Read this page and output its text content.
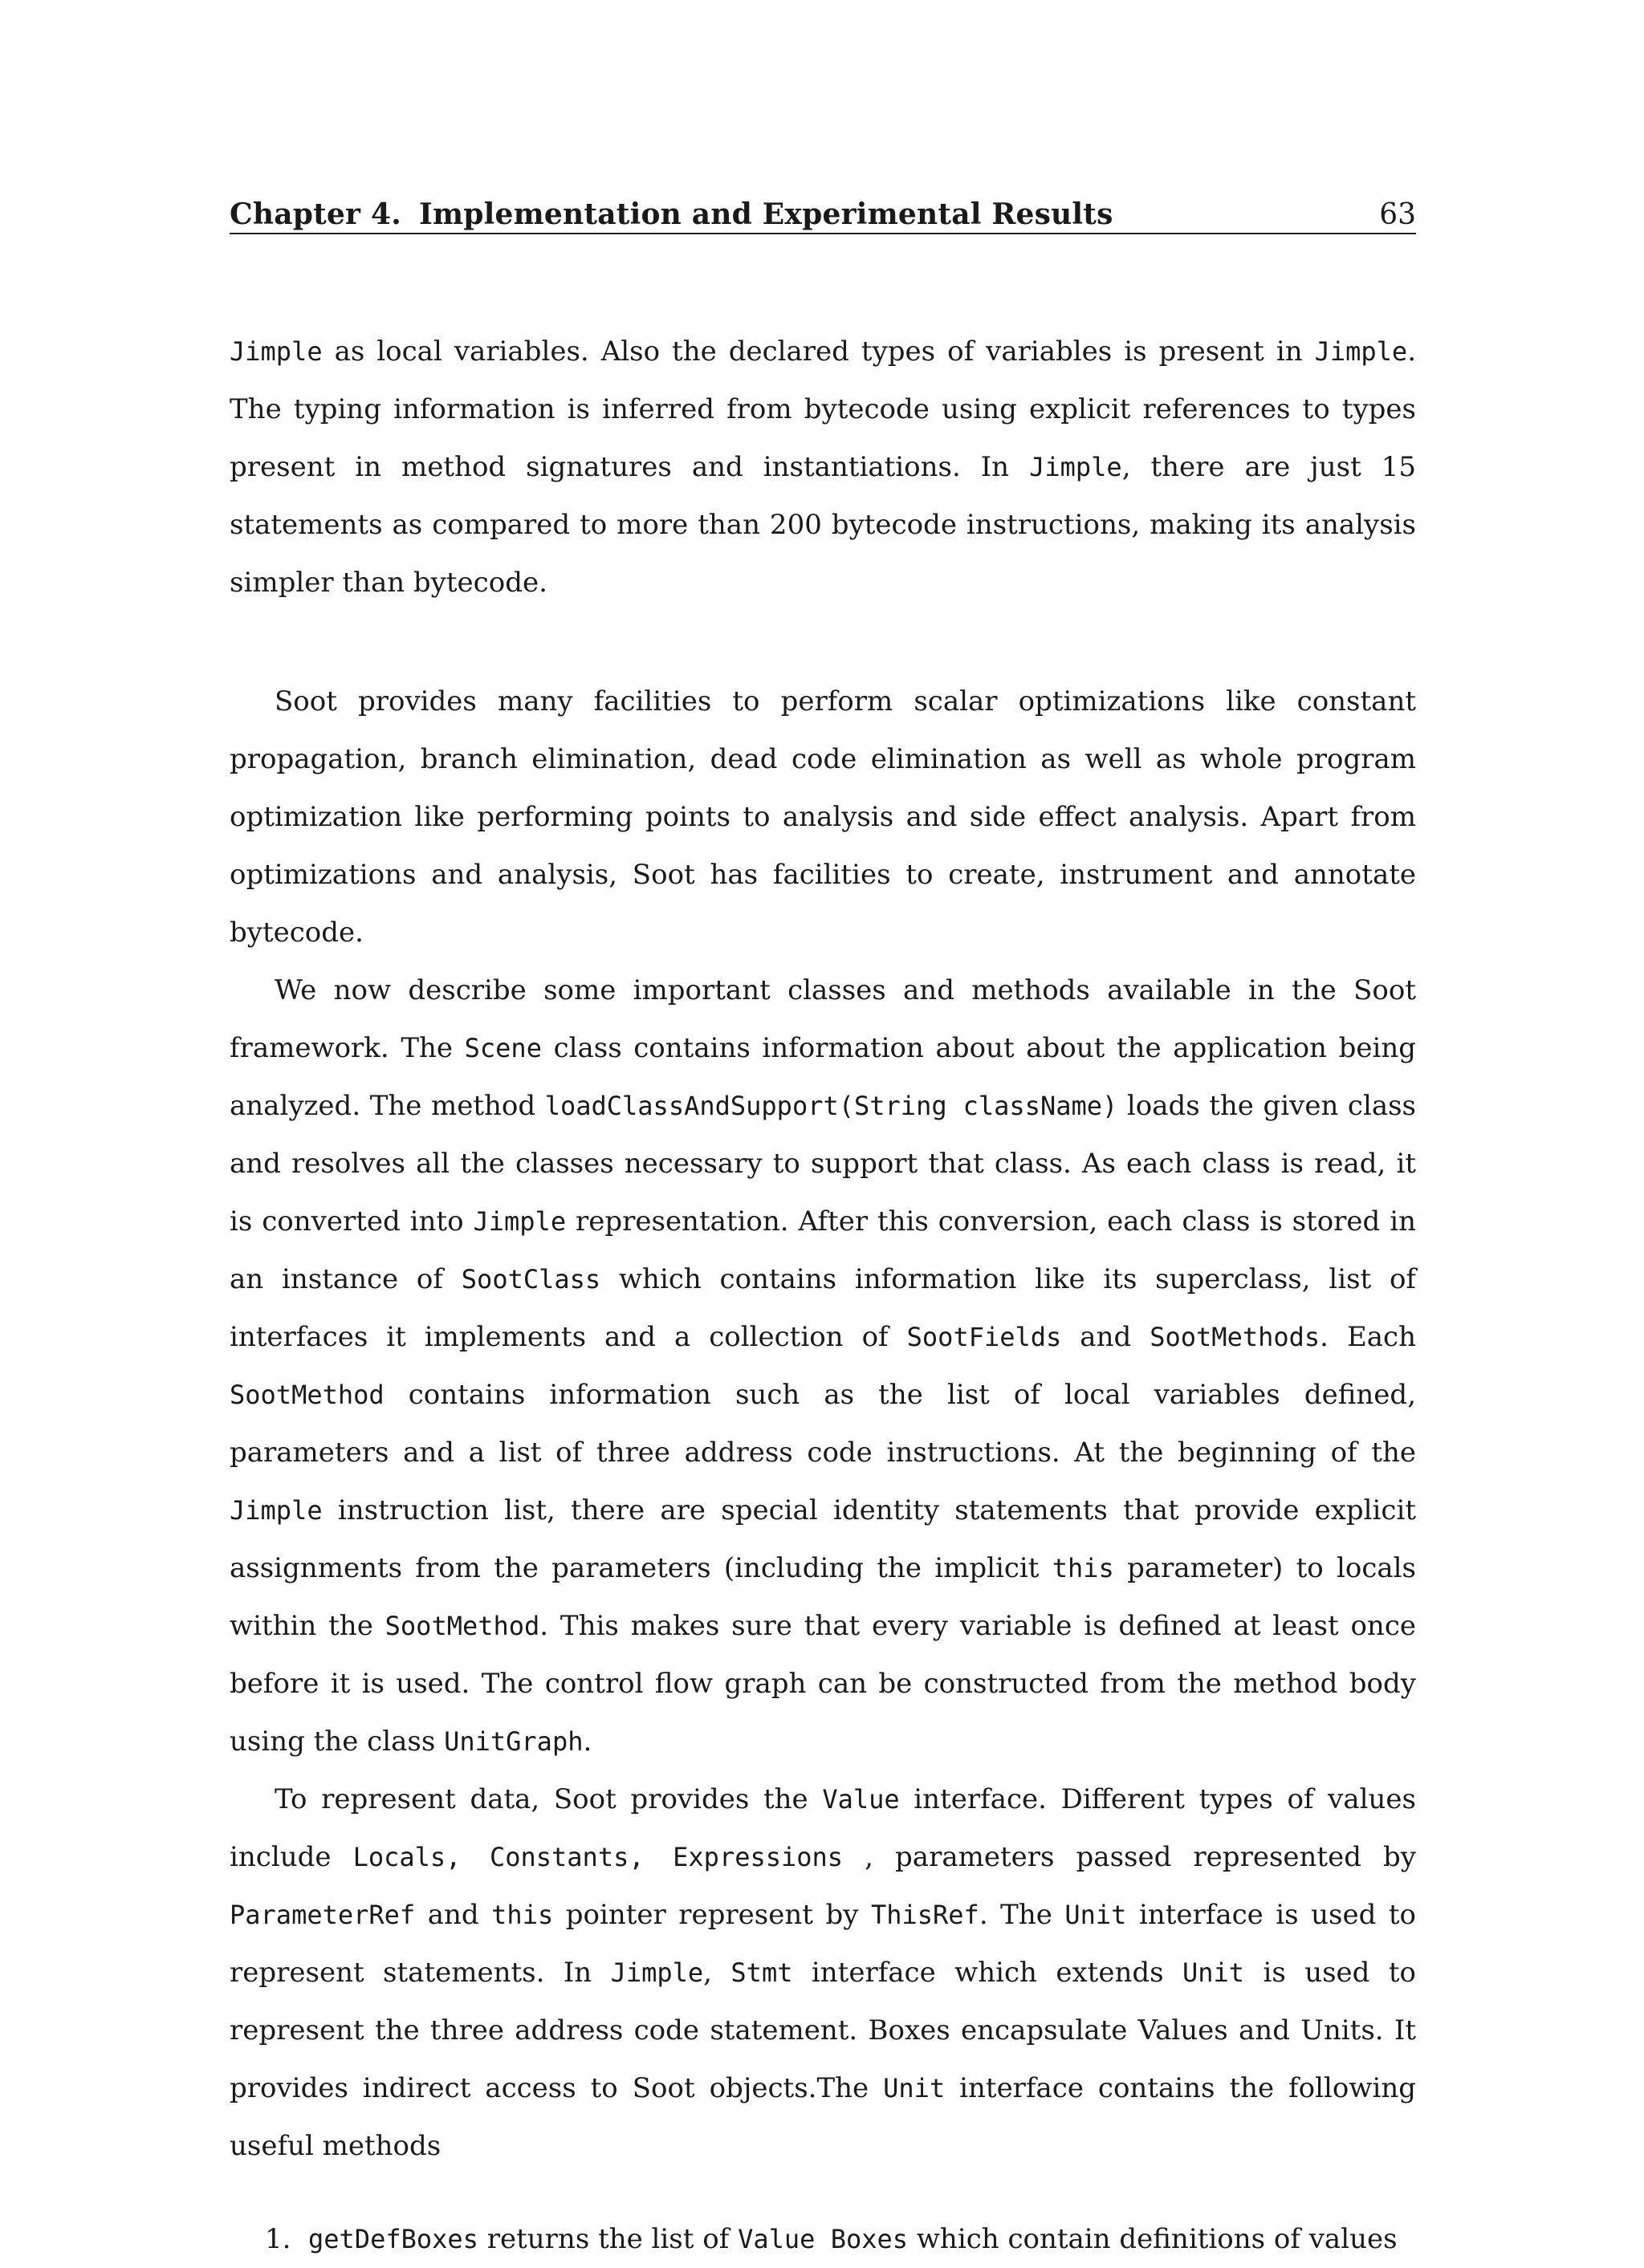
Chapter 4. Implementation and Experimental Results	63

Jimple as local variables. Also the declared types of variables is present in Jimple. The typing information is inferred from bytecode using explicit references to types present in method signatures and instantiations. In Jimple, there are just 15 statements as compared to more than 200 bytecode instructions, making its analysis simpler than bytecode.

Soot provides many facilities to perform scalar optimizations like constant propagation, branch elimination, dead code elimination as well as whole program optimization like performing points to analysis and side effect analysis. Apart from optimizations and analysis, Soot has facilities to create, instrument and annotate bytecode.

We now describe some important classes and methods available in the Soot framework. The Scene class contains information about about the application being analyzed. The method loadClassAndSupport(String className) loads the given class and resolves all the classes necessary to support that class. As each class is read, it is converted into Jimple representation. After this conversion, each class is stored in an instance of SootClass which contains information like its superclass, list of interfaces it implements and a collection of SootFields and SootMethods. Each SootMethod contains information such as the list of local variables defined, parameters and a list of three address code instructions. At the beginning of the Jimple instruction list, there are special identity statements that provide explicit assignments from the parameters (including the implicit this parameter) to locals within the SootMethod. This makes sure that every variable is defined at least once before it is used. The control flow graph can be constructed from the method body using the class UnitGraph.

To represent data, Soot provides the Value interface. Different types of values include Locals, Constants, Expressions , parameters passed represented by ParameterRef and this pointer represent by ThisRef. The Unit interface is used to represent statements. In Jimple, Stmt interface which extends Unit is used to represent the three address code statement. Boxes encapsulate Values and Units. It provides indirect access to Soot objects.The Unit interface contains the following useful methods

1. getDefBoxes returns the list of Value Boxes which contain definitions of values
